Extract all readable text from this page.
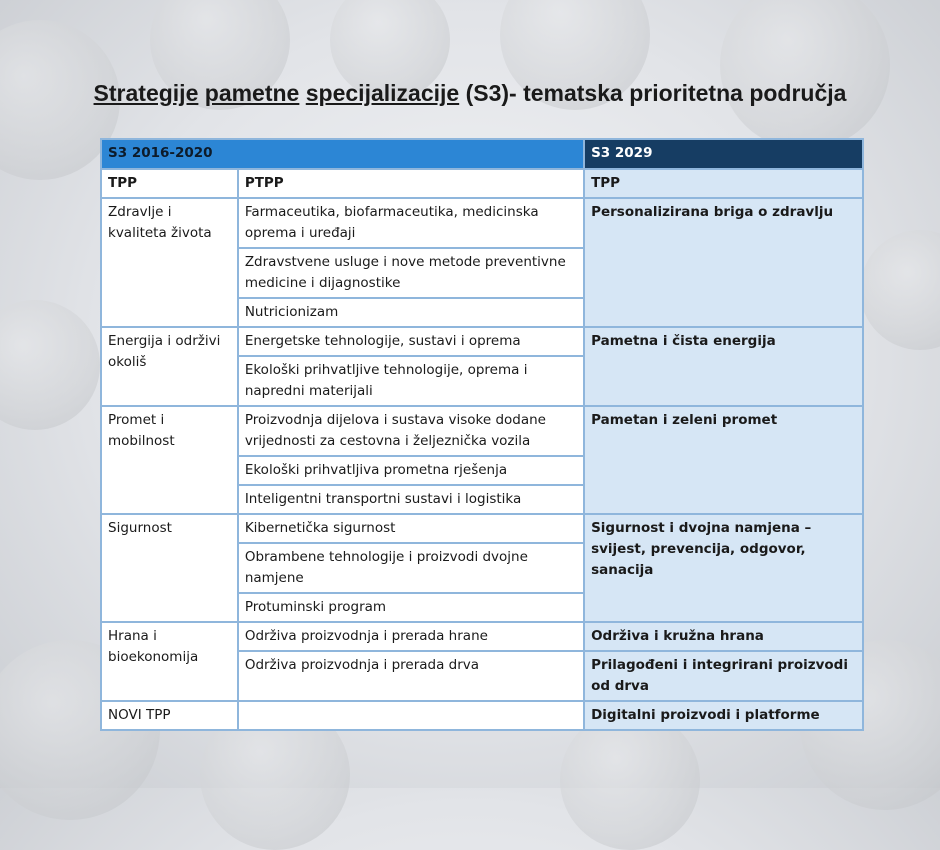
Strategije pametne specijalizacije (S3)- tematska prioritetna područja
S3 2016-2020		S3 2029
TPP	PTPP	TPP
Zdravlje i kvaliteta života	Farmaceutika, biofarmaceutika, medicinska oprema i uređaji	Personalizirana briga o zdravlju
	Zdravstvene usluge i nove metode preventivne medicine i dijagnostike	
	Nutricionizam	
Energija i održivi okoliš	Energetske tehnologije, sustavi i oprema	Pametna i čista energija
	Ekološki prihvatljive tehnologije, oprema i napredni materijali	
Promet i mobilnost	Proizvodnja dijelova i sustava visoke dodane vrijednosti za cestovna i željeznička vozila	Pametan i zeleni promet
	Ekološki prihvatljiva prometna rješenja	
	Inteligentni transportni sustavi i logistika	
Sigurnost	Kibernetička sigurnost	Sigurnost i dvojna namjena – svijest, prevencija, odgovor, sanacija
	Obrambene tehnologije i proizvodi dvojne namjene	
	Protuminski program	
Hrana i bioekonomija	Održiva proizvodnja i prerada hrane	Održiva i kružna hrana
	Održiva proizvodnja i prerada drva	Prilagođeni i integrirani proizvodi od drva
NOVI TPP		Digitalni proizvodi i platforme
